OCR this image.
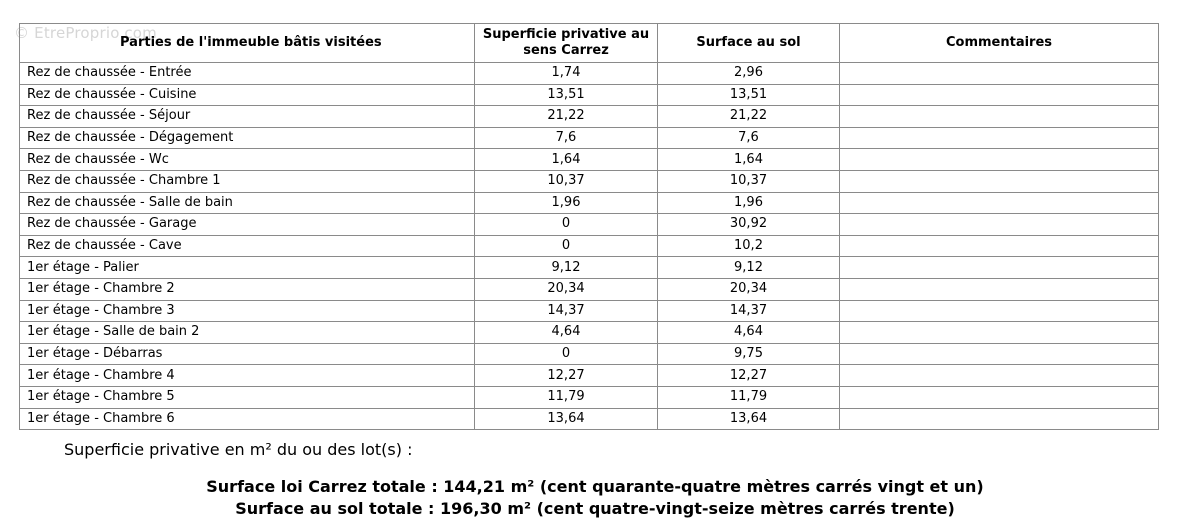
© EtreProprio.com
Parties de l'immeuble bâtis visitées	Superficie privative au sens Carrez	Surface au sol	Commentaires
Rez de chaussée - Entrée	1,74	2,96	
Rez de chaussée - Cuisine	13,51	13,51	
Rez de chaussée - Séjour	21,22	21,22	
Rez de chaussée - Dégagement	7,6	7,6	
Rez de chaussée - Wc	1,64	1,64	
Rez de chaussée - Chambre 1	10,37	10,37	
Rez de chaussée - Salle de bain	1,96	1,96	
Rez de chaussée - Garage	0	30,92	
Rez de chaussée - Cave	0	10,2	
1er étage - Palier	9,12	9,12	
1er étage - Chambre 2	20,34	20,34	
1er étage - Chambre 3	14,37	14,37	
1er étage - Salle de bain 2	4,64	4,64	
1er étage - Débarras	0	9,75	
1er étage - Chambre 4	12,27	12,27	
1er étage - Chambre 5	11,79	11,79	
1er étage - Chambre 6	13,64	13,64	
Superficie privative en m² du ou des lot(s) :
Surface loi Carrez totale : 144,21 m² (cent quarante-quatre mètres carrés vingt et un)
Surface au sol totale : 196,30 m² (cent quatre-vingt-seize mètres carrés trente)
